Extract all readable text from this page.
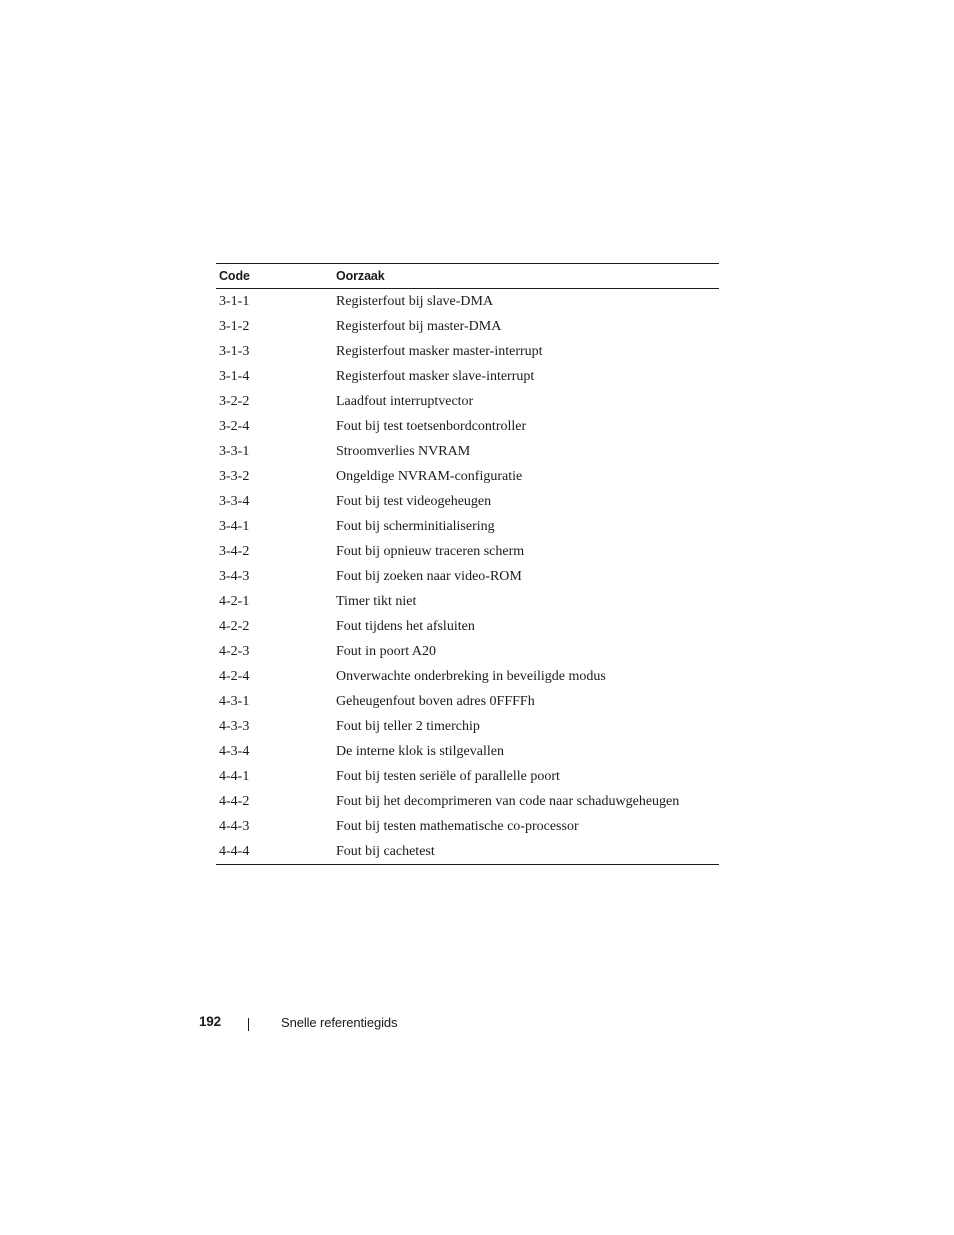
Code	Oorzaak
3-1-1	Registerfout bij slave-DMA
3-1-2	Registerfout bij master-DMA
3-1-3	Registerfout masker master-interrupt
3-1-4	Registerfout masker slave-interrupt
3-2-2	Laadfout interruptvector
3-2-4	Fout bij test toetsenbordcontroller
3-3-1	Stroomverlies NVRAM
3-3-2	Ongeldige NVRAM-configuratie
3-3-4	Fout bij test videogeheugen
3-4-1	Fout bij scherminitialisering
3-4-2	Fout bij opnieuw traceren scherm
3-4-3	Fout bij zoeken naar video-ROM
4-2-1	Timer tikt niet
4-2-2	Fout tijdens het afsluiten
4-2-3	Fout in poort A20
4-2-4	Onverwachte onderbreking in beveiligde modus
4-3-1	Geheugenfout boven adres 0FFFFh
4-3-3	Fout bij teller 2 timerchip
4-3-4	De interne klok is stilgevallen
4-4-1	Fout bij testen seriële of parallelle poort
4-4-2	Fout bij het decomprimeren van code naar schaduwgeheugen
4-4-3	Fout bij testen mathematische co-processor
4-4-4	Fout bij cachetest
192	Snelle referentiegids
